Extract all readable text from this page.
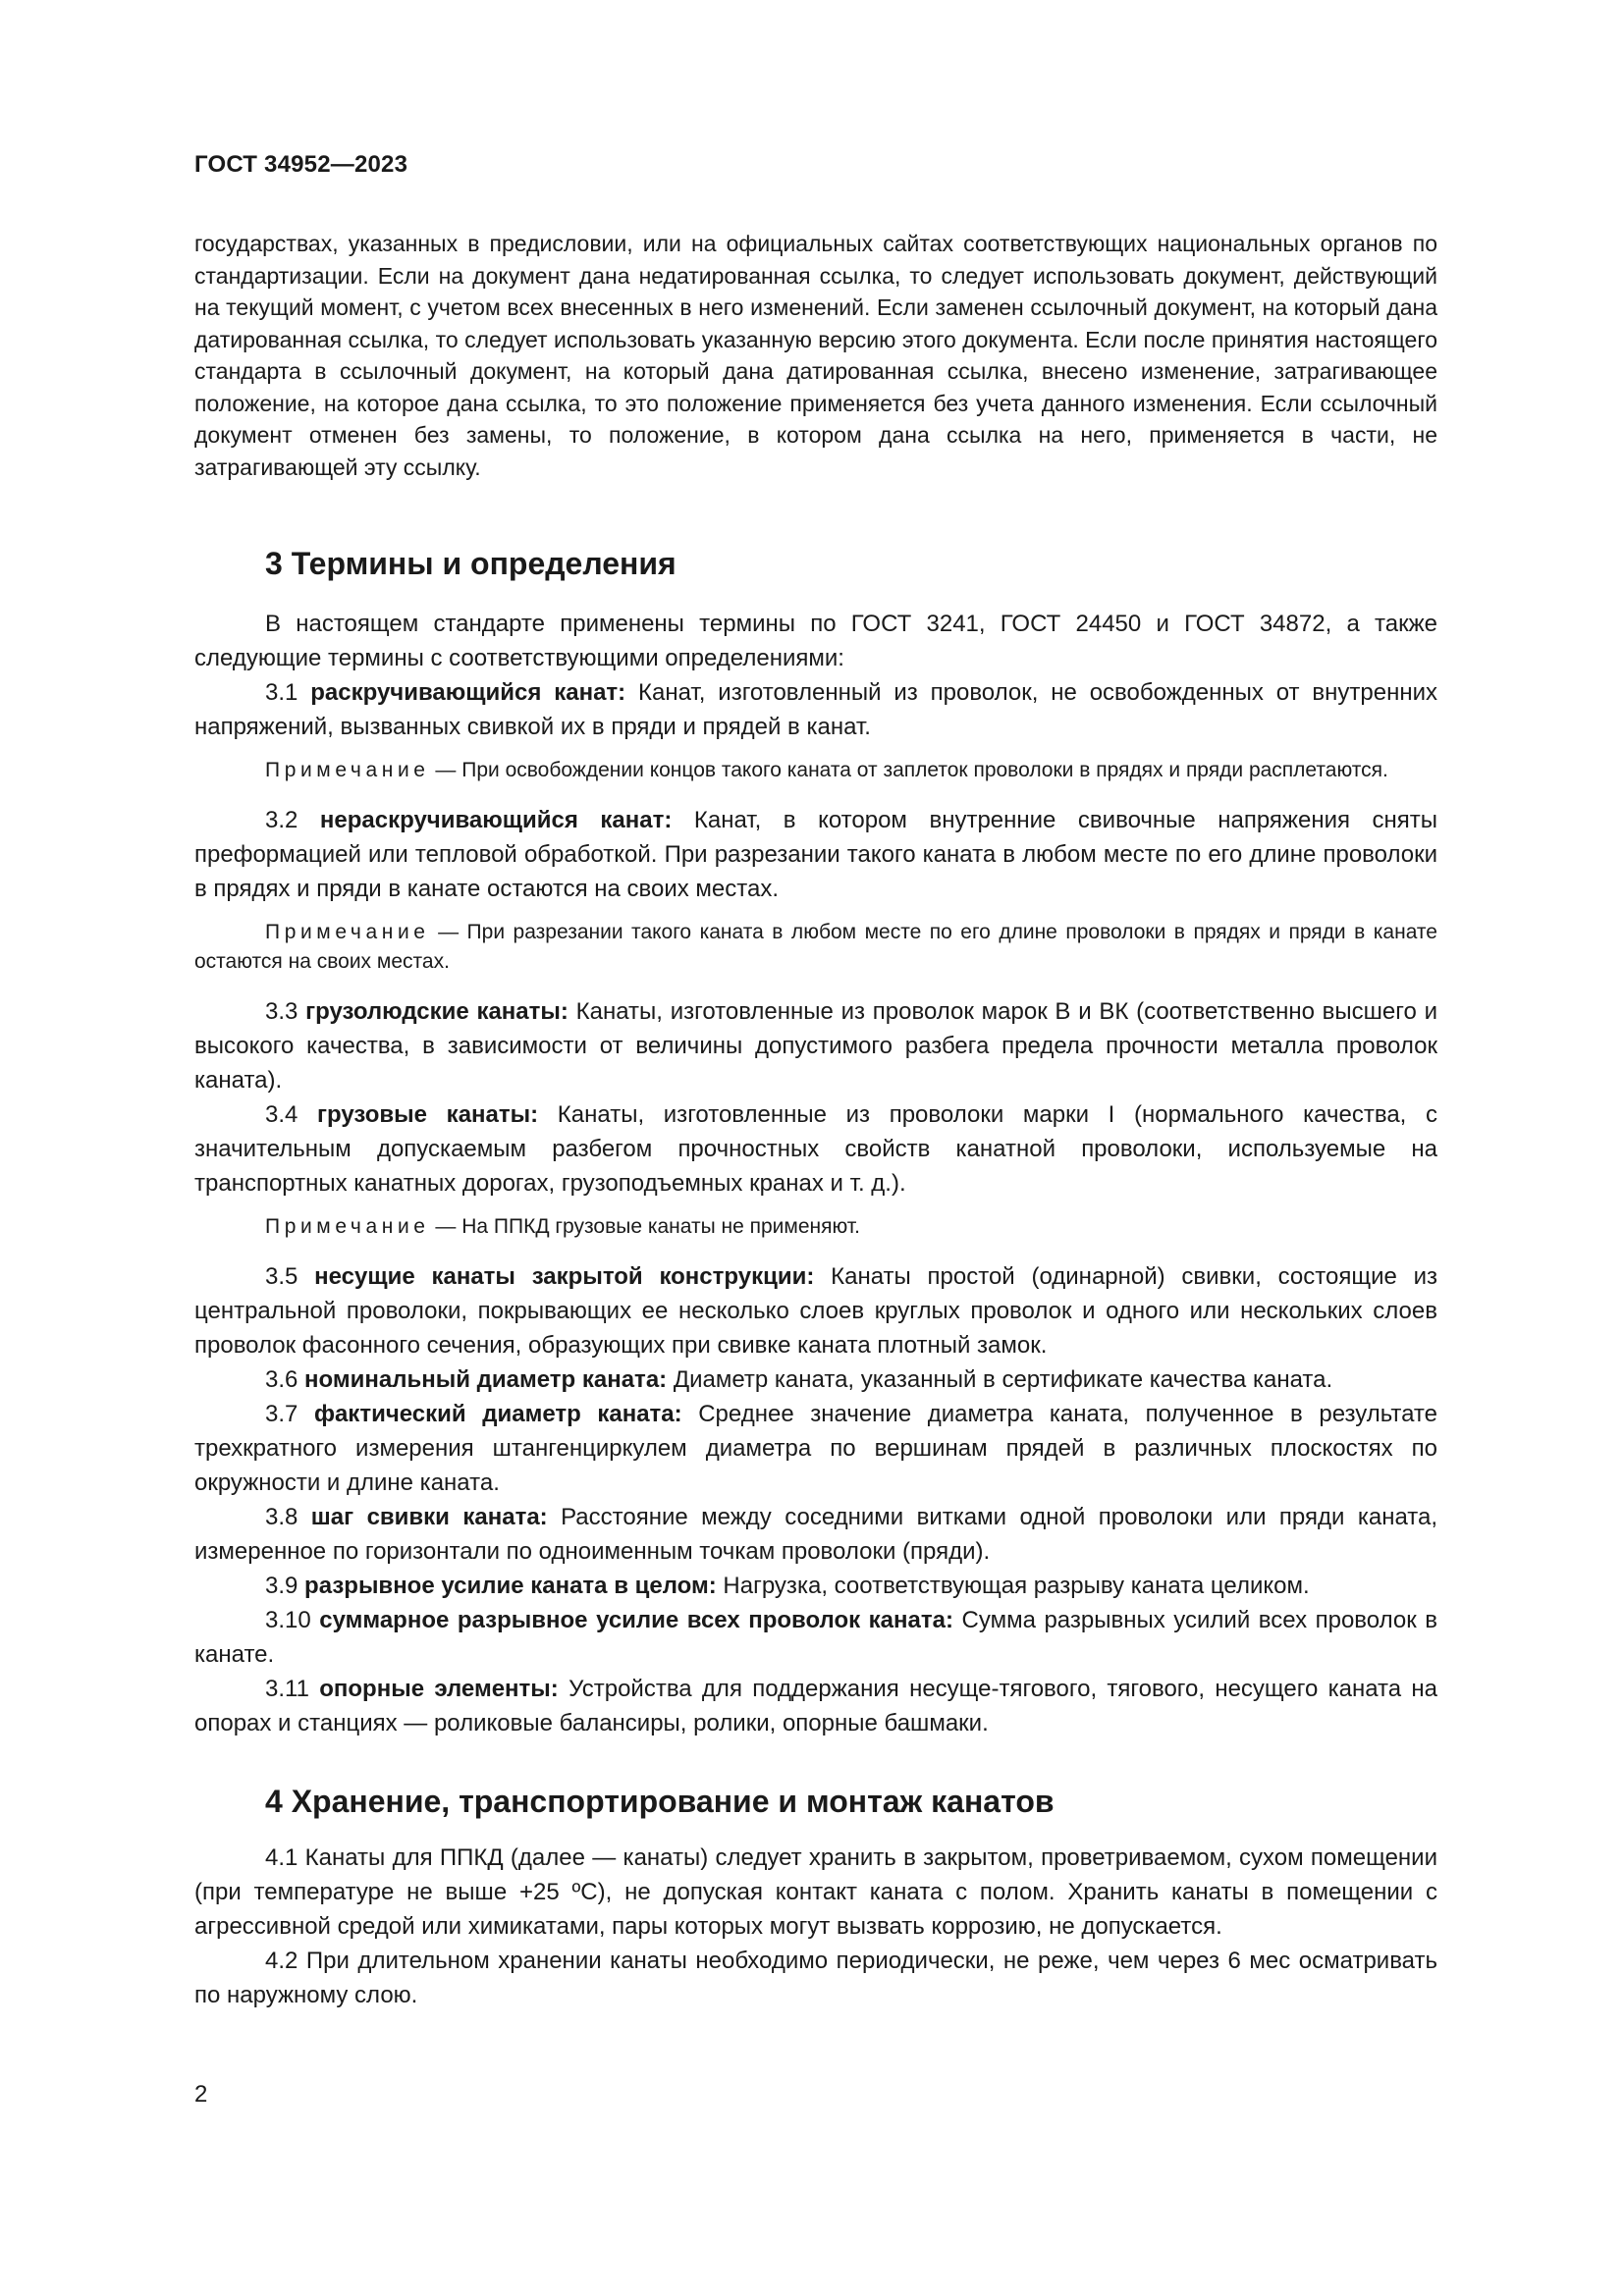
ГОСТ 34952—2023

государствах, указанных в предисловии, или на официальных сайтах соответствующих национальных органов по стандартизации. Если на документ дана недатированная ссылка, то следует использовать документ, действующий на текущий момент, с учетом всех внесенных в него изменений. Если заменен ссылочный документ, на который дана датированная ссылка, то следует использовать указанную версию этого документа. Если после принятия настоящего стандарта в ссылочный документ, на который дана датированная ссылка, внесено изменение, затрагивающее положение, на которое дана ссылка, то это положение применяется без учета данного изменения. Если ссылочный документ отменен без замены, то положение, в котором дана ссылка на него, применяется в части, не затрагивающей эту ссылку.

3 Термины и определения

В настоящем стандарте применены термины по ГОСТ 3241, ГОСТ 24450 и ГОСТ 34872, а также следующие термины с соответствующими определениями:

3.1 раскручивающийся канат: Канат, изготовленный из проволок, не освобожденных от внутренних напряжений, вызванных свивкой их в пряди и прядей в канат.

Примечание — При освобождении концов такого каната от заплеток проволоки в прядях и пряди расплетаются.

3.2 нераскручивающийся канат: Канат, в котором внутренние свивочные напряжения сняты преформацией или тепловой обработкой. При разрезании такого каната в любом месте по его длине проволоки в прядях и пряди в канате остаются на своих местах.

Примечание — При разрезании такого каната в любом месте по его длине проволоки в прядях и пряди в канате остаются на своих местах.

3.3 грузолюдские канаты: Канаты, изготовленные из проволок марок В и ВК (соответственно высшего и высокого качества, в зависимости от величины допустимого разбега предела прочности металла проволок каната).

3.4 грузовые канаты: Канаты, изготовленные из проволоки марки I (нормального качества, с значительным допускаемым разбегом прочностных свойств канатной проволоки, используемые на транспортных канатных дорогах, грузоподъемных кранах и т. д.).

Примечание — На ППКД грузовые канаты не применяют.

3.5 несущие канаты закрытой конструкции: Канаты простой (одинарной) свивки, состоящие из центральной проволоки, покрывающих ее несколько слоев круглых проволок и одного или нескольких слоев проволок фасонного сечения, образующих при свивке каната плотный замок.

3.6 номинальный диаметр каната: Диаметр каната, указанный в сертификате качества каната.

3.7 фактический диаметр каната: Среднее значение диаметра каната, полученное в результате трехкратного измерения штангенциркулем диаметра по вершинам прядей в различных плоскостях по окружности и длине каната.

3.8 шаг свивки каната: Расстояние между соседними витками одной проволоки или пряди каната, измеренное по горизонтали по одноименным точкам проволоки (пряди).

3.9 разрывное усилие каната в целом: Нагрузка, соответствующая разрыву каната целиком.

3.10 суммарное разрывное усилие всех проволок каната: Сумма разрывных усилий всех проволок в канате.

3.11 опорные элементы: Устройства для поддержания несуще-тягового, тягового, несущего каната на опорах и станциях — роликовые балансиры, ролики, опорные башмаки.

4 Хранение, транспортирование и монтаж канатов

4.1 Канаты для ППКД (далее — канаты) следует хранить в закрытом, проветриваемом, сухом помещении (при температуре не выше +25 ºС), не допуская контакт каната с полом. Хранить канаты в помещении с агрессивной средой или химикатами, пары которых могут вызвать коррозию, не допускается.

4.2 При длительном хранении канаты необходимо периодически, не реже, чем через 6 мес осматривать по наружному слою.

2
